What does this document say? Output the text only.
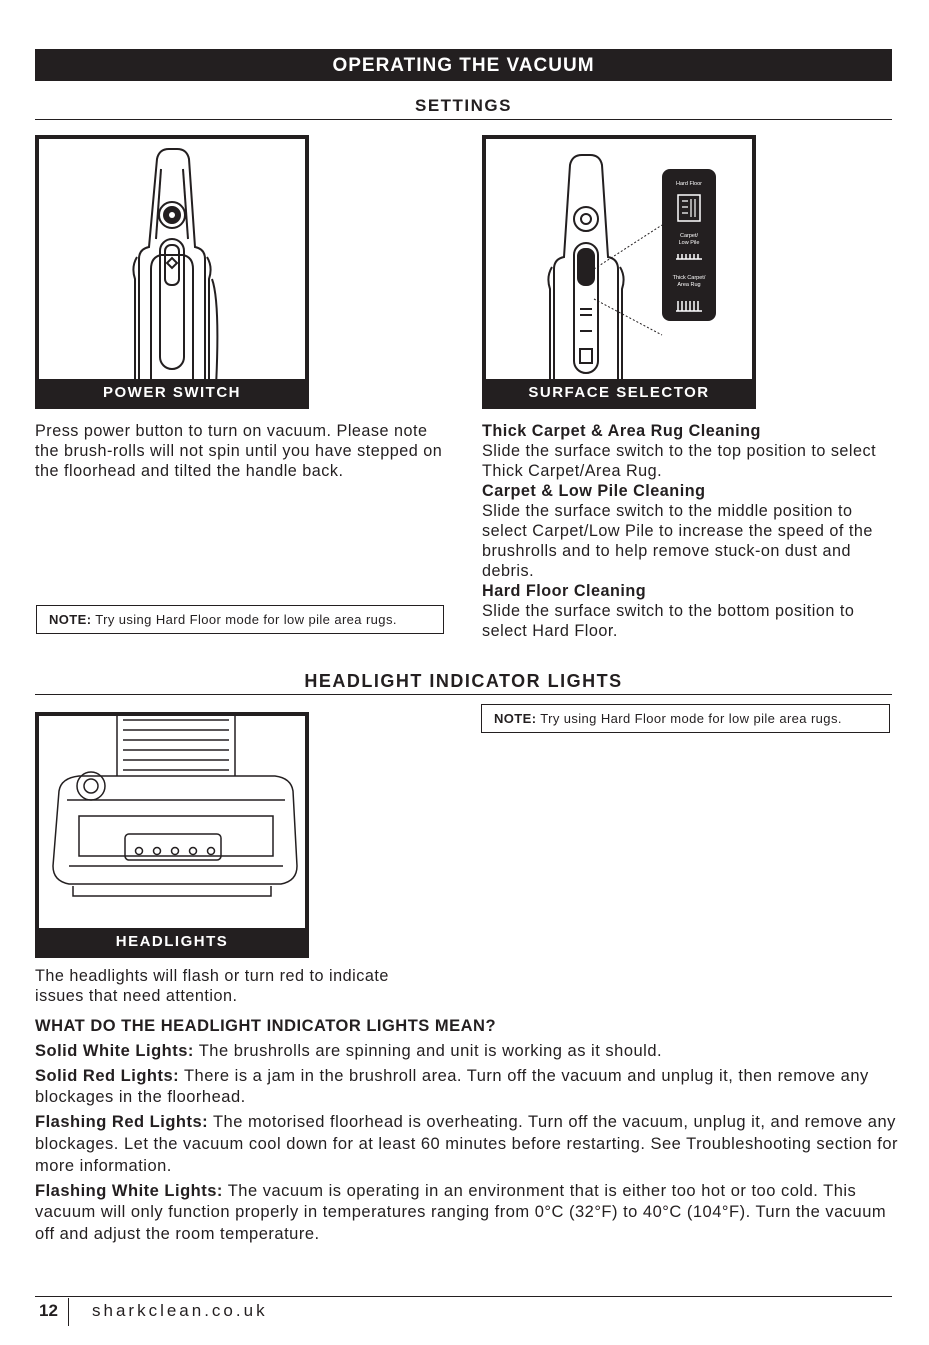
OPERATING THE VACUUM
SETTINGS
POWER SWITCH
Hard Floor
Carpet/
Low Pile
Thick Carpet/
Area Rug
SURFACE SELECTOR
Press power button to turn on vacuum. Please note the brush-rolls will not spin until you have stepped on the floorhead and tilted the handle back.
Thick Carpet & Area Rug Cleaning
Slide the surface switch to the top position to select Thick Carpet/Area Rug.
Carpet & Low Pile Cleaning
Slide the surface switch to the middle position to select Carpet/Low Pile to increase the speed of the brushrolls and to help remove stuck-on dust and debris.
Hard Floor Cleaning
Slide the surface switch to the bottom position to select Hard Floor.
NOTE: Try using Hard Floor mode for low pile area rugs.
HEADLIGHT INDICATOR LIGHTS
NOTE: Try using Hard Floor mode for low pile area rugs.
HEADLIGHTS
The headlights will flash or turn red to indicate issues that need attention.
WHAT DO THE HEADLIGHT INDICATOR LIGHTS MEAN?
Solid White Lights: The brushrolls are spinning and unit is working as it should.
Solid Red Lights: There is a jam in the brushroll area. Turn off the vacuum and unplug it, then remove any blockages in the floorhead.
Flashing Red Lights: The motorised floorhead is overheating. Turn off the vacuum, unplug it, and remove any blockages. Let the vacuum cool down for at least 60 minutes before restarting. See Troubleshooting section for more information.
Flashing White Lights: The vacuum is operating in an environment that is either too hot or too cold. This vacuum will only function properly in temperatures ranging from 0°C (32°F) to 40°C (104°F). Turn the vacuum off and adjust the room temperature.
12 sharkclean.co.uk
